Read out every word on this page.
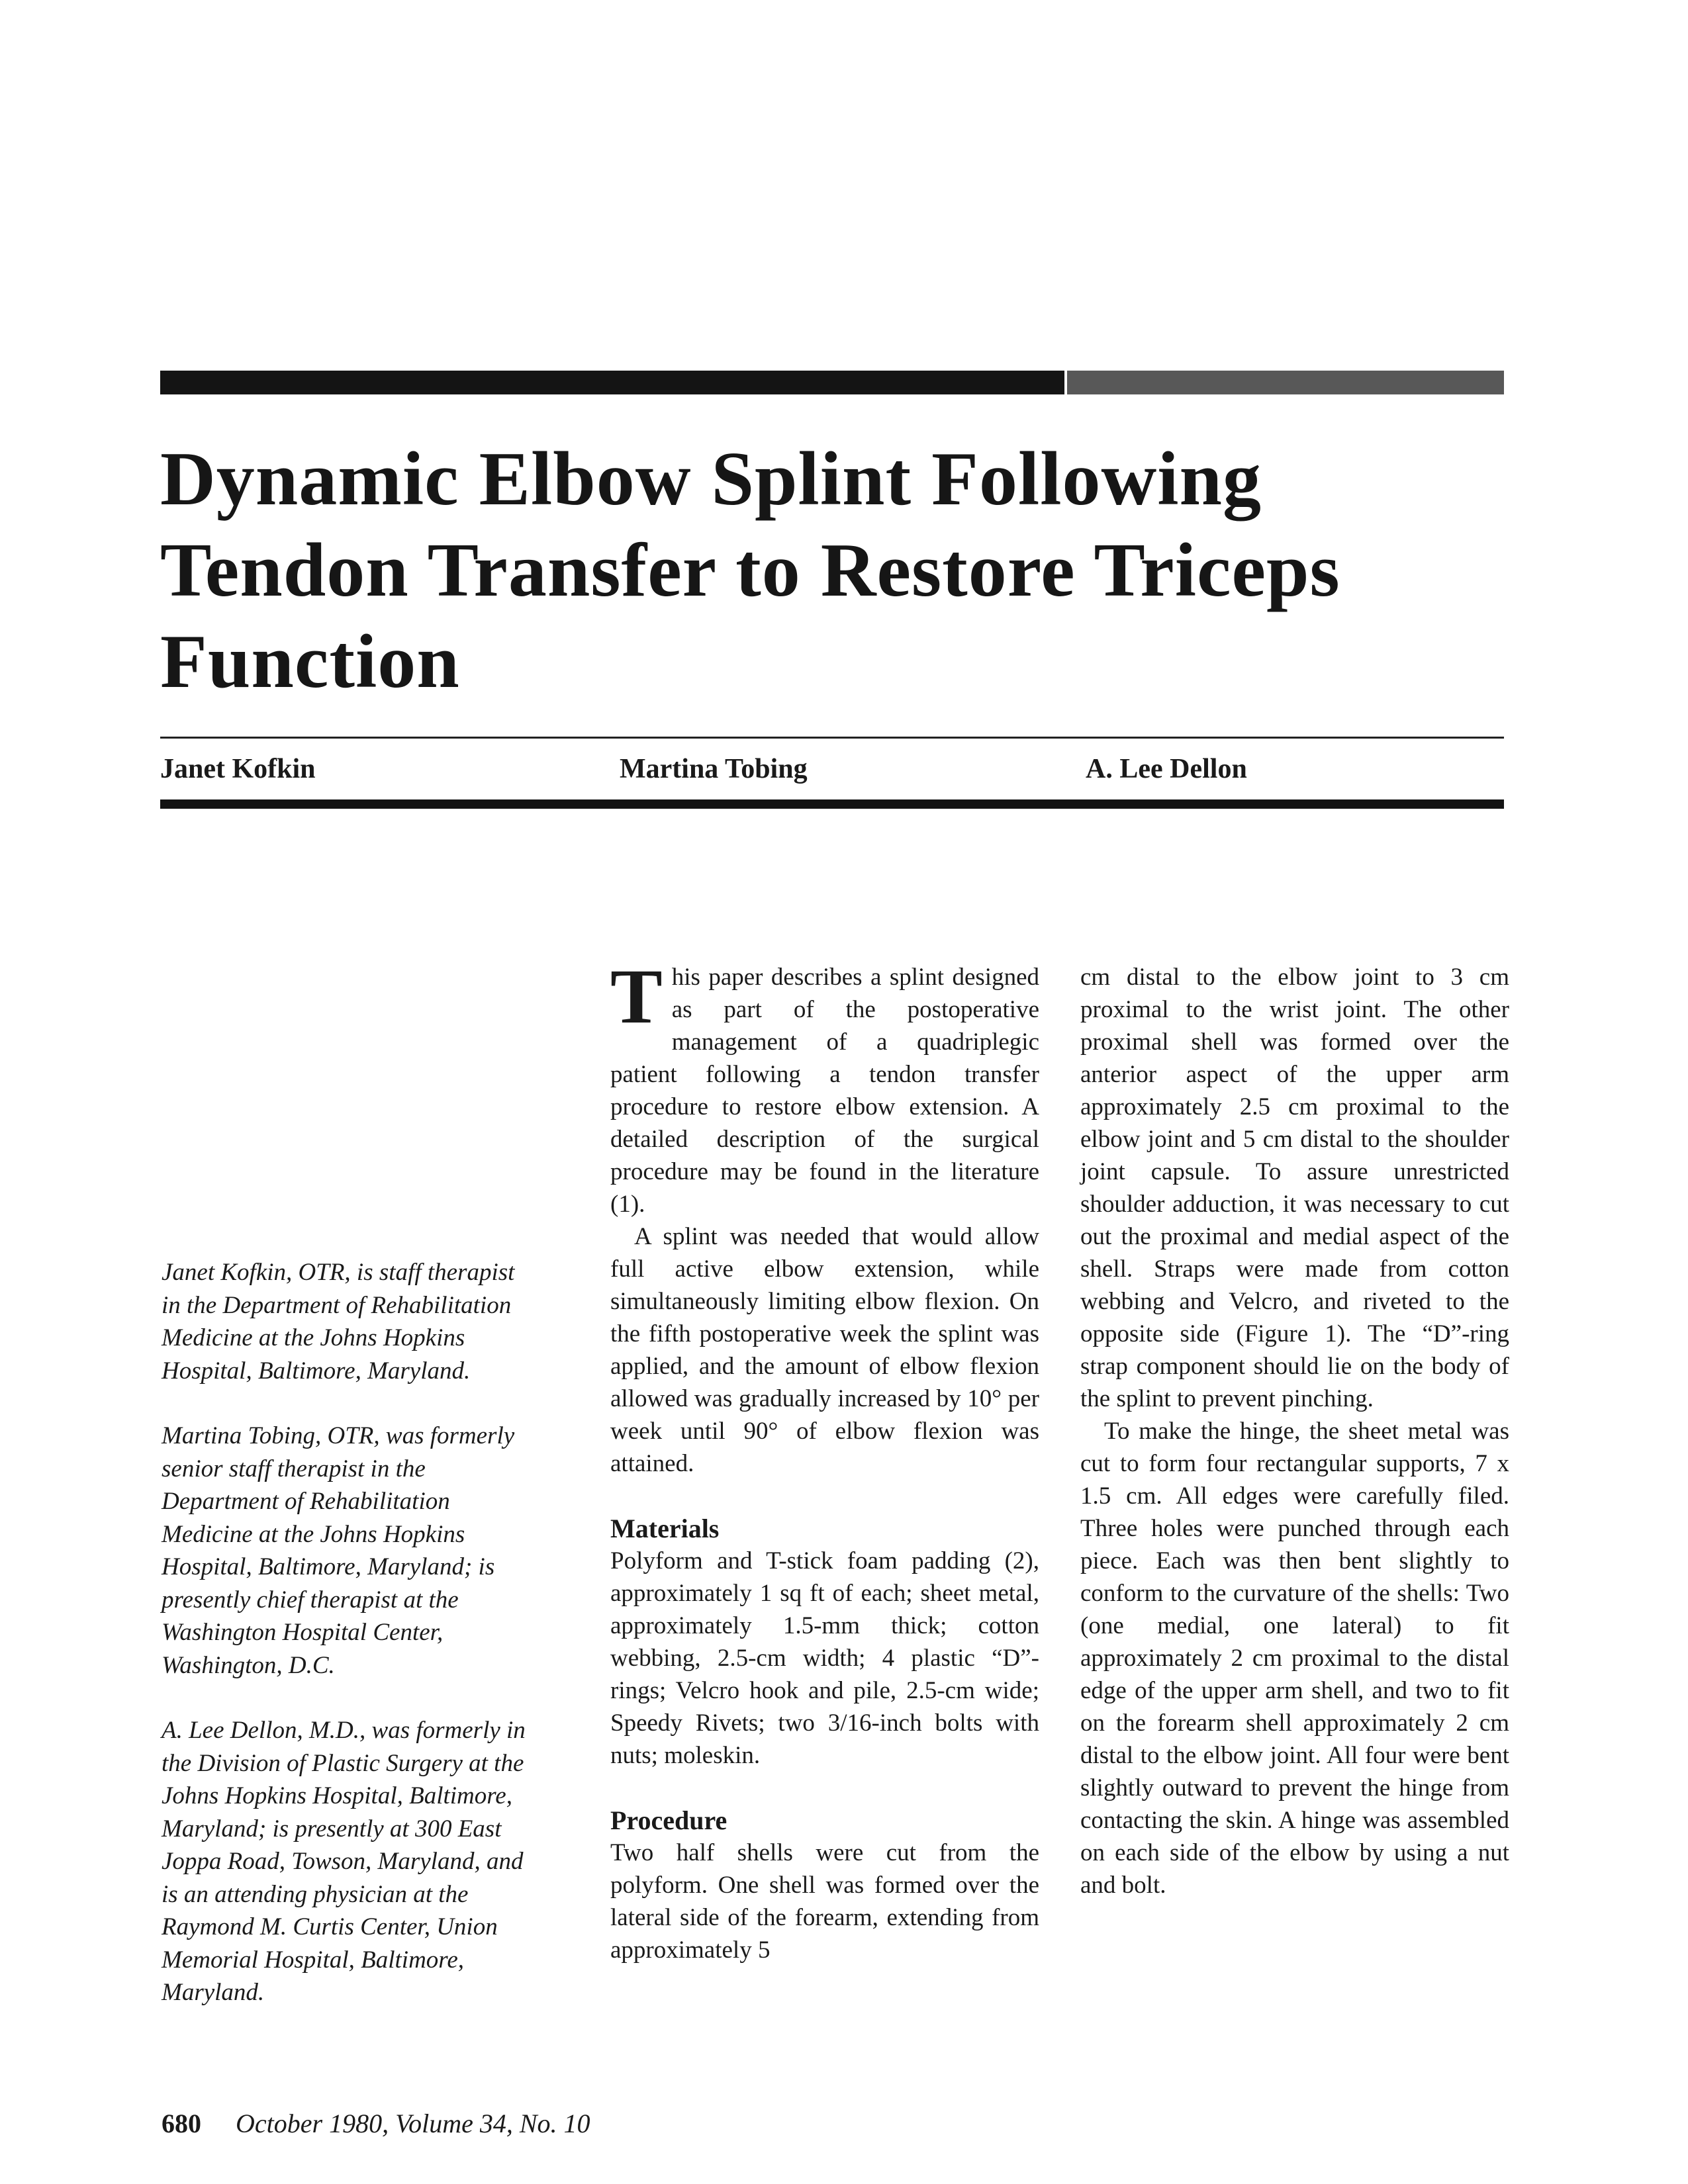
Dynamic Elbow Splint Following Tendon Transfer to Restore Triceps Function
Janet Kofkin	Martina Tobing	A. Lee Dellon

Janet Kofkin, OTR, is staff therapist in the Department of Rehabilitation Medicine at the Johns Hopkins Hospital, Baltimore, Maryland.

Martina Tobing, OTR, was formerly senior staff therapist in the Department of Rehabilitation Medicine at the Johns Hopkins Hospital, Baltimore, Maryland; is presently chief therapist at the Washington Hospital Center, Washington, D.C.

A. Lee Dellon, M.D., was formerly in the Division of Plastic Surgery at the Johns Hopkins Hospital, Baltimore, Maryland; is presently at 300 East Joppa Road, Towson, Maryland, and is an attending physician at the Raymond M. Curtis Center, Union Memorial Hospital, Baltimore, Maryland.

This paper describes a splint designed as part of the postoperative management of a quadriplegic patient following a tendon transfer procedure to restore elbow extension. A detailed description of the surgical procedure may be found in the literature (1).

A splint was needed that would allow full active elbow extension, while simultaneously limiting elbow flexion. On the fifth postoperative week the splint was applied, and the amount of elbow flexion allowed was gradually increased by 10° per week until 90° of elbow flexion was attained.

Materials

Polyform and T-stick foam padding (2), approximately 1 sq ft of each; sheet metal, approximately 1.5-mm thick; cotton webbing, 2.5-cm width; 4 plastic “D”-rings; Velcro hook and pile, 2.5-cm wide; Speedy Rivets; two 3/16-inch bolts with nuts; moleskin.

Procedure

Two half shells were cut from the polyform. One shell was formed over the lateral side of the forearm, extending from approximately 5

cm distal to the elbow joint to 3 cm proximal to the wrist joint. The other proximal shell was formed over the anterior aspect of the upper arm approximately 2.5 cm proximal to the elbow joint and 5 cm distal to the shoulder joint capsule. To assure unrestricted shoulder adduction, it was necessary to cut out the proximal and medial aspect of the shell. Straps were made from cotton webbing and Velcro, and riveted to the opposite side (Figure 1). The “D”-ring strap component should lie on the body of the splint to prevent pinching.

To make the hinge, the sheet metal was cut to form four rectangular supports, 7 x 1.5 cm. All edges were carefully filed. Three holes were punched through each piece. Each was then bent slightly to conform to the curvature of the shells: Two (one medial, one lateral) to fit approximately 2 cm proximal to the distal edge of the upper arm shell, and two to fit on the forearm shell approximately 2 cm distal to the elbow joint. All four were bent slightly outward to prevent the hinge from contacting the skin. A hinge was assembled on each side of the elbow by using a nut and bolt.

680 October 1980, Volume 34, No. 10
